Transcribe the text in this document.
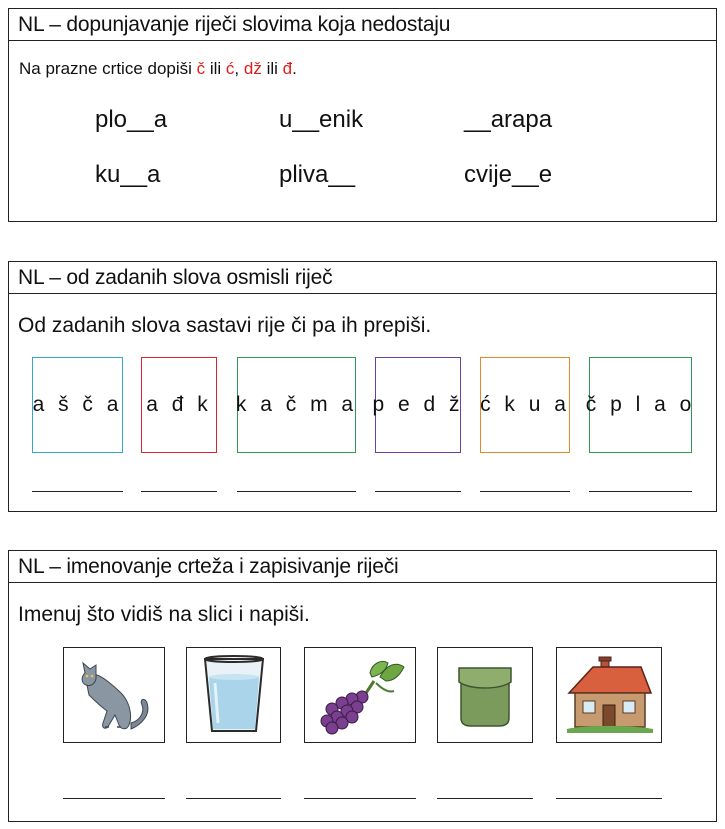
NL – dopunjavanje riječi slovima koja nedostaju
Na prazne crtice dopiši č ili ć, dž ili đ.
plo__a	u__enik	__arapa
ku__a	pliva__	cvije__e
NL – od zadanih slova osmisli riječ
Od zadanih slova sastavi rije či pa ih prepiši.
a š č a a đ k k a č m a p e d ž ć k u a č p l a o
NL – imenovanje crteža i zapisivanje riječi
Imenuj što vidiš na slici i napiši.
